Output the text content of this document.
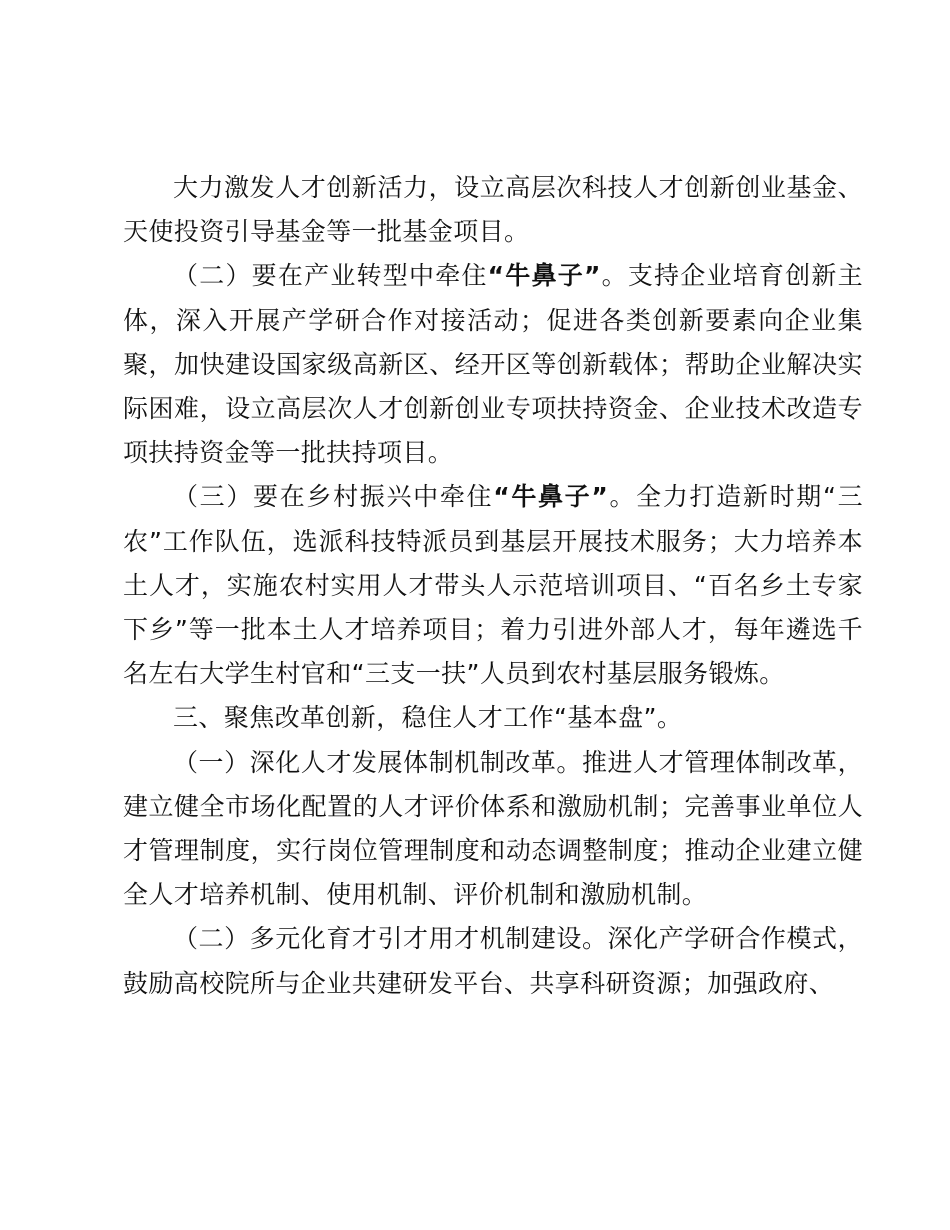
大力激发人才创新活力，设立高层次科技人才创新创业基金、天使投资引导基金等一批基金项目。

（二）要在产业转型中牵住“牛鼻子”。支持企业培育创新主体，深入开展产学研合作对接活动；促进各类创新要素向企业集聚，加快建设国家级高新区、经开区等创新载体；帮助企业解决实际困难，设立高层次人才创新创业专项扶持资金、企业技术改造专项扶持资金等一批扶持项目。

（三）要在乡村振兴中牵住“牛鼻子”。全力打造新时期“三农”工作队伍，选派科技特派员到基层开展技术服务；大力培养本土人才，实施农村实用人才带头人示范培训项目、“百名乡土专家下乡”等一批本土人才培养项目；着力引进外部人才，每年遴选千名左右大学生村官和“三支一扶”人员到农村基层服务锻炼。

三、聚焦改革创新，稳住人才工作“基本盘”。

（一）深化人才发展体制机制改革。推进人才管理体制改革，建立健全市场化配置的人才评价体系和激励机制；完善事业单位人才管理制度，实行岗位管理制度和动态调整制度；推动企业建立健全人才培养机制、使用机制、评价机制和激励机制。

（二）多元化育才引才用才机制建设。深化产学研合作模式，鼓励高校院所与企业共建研发平台、共享科研资源；加强政府、
